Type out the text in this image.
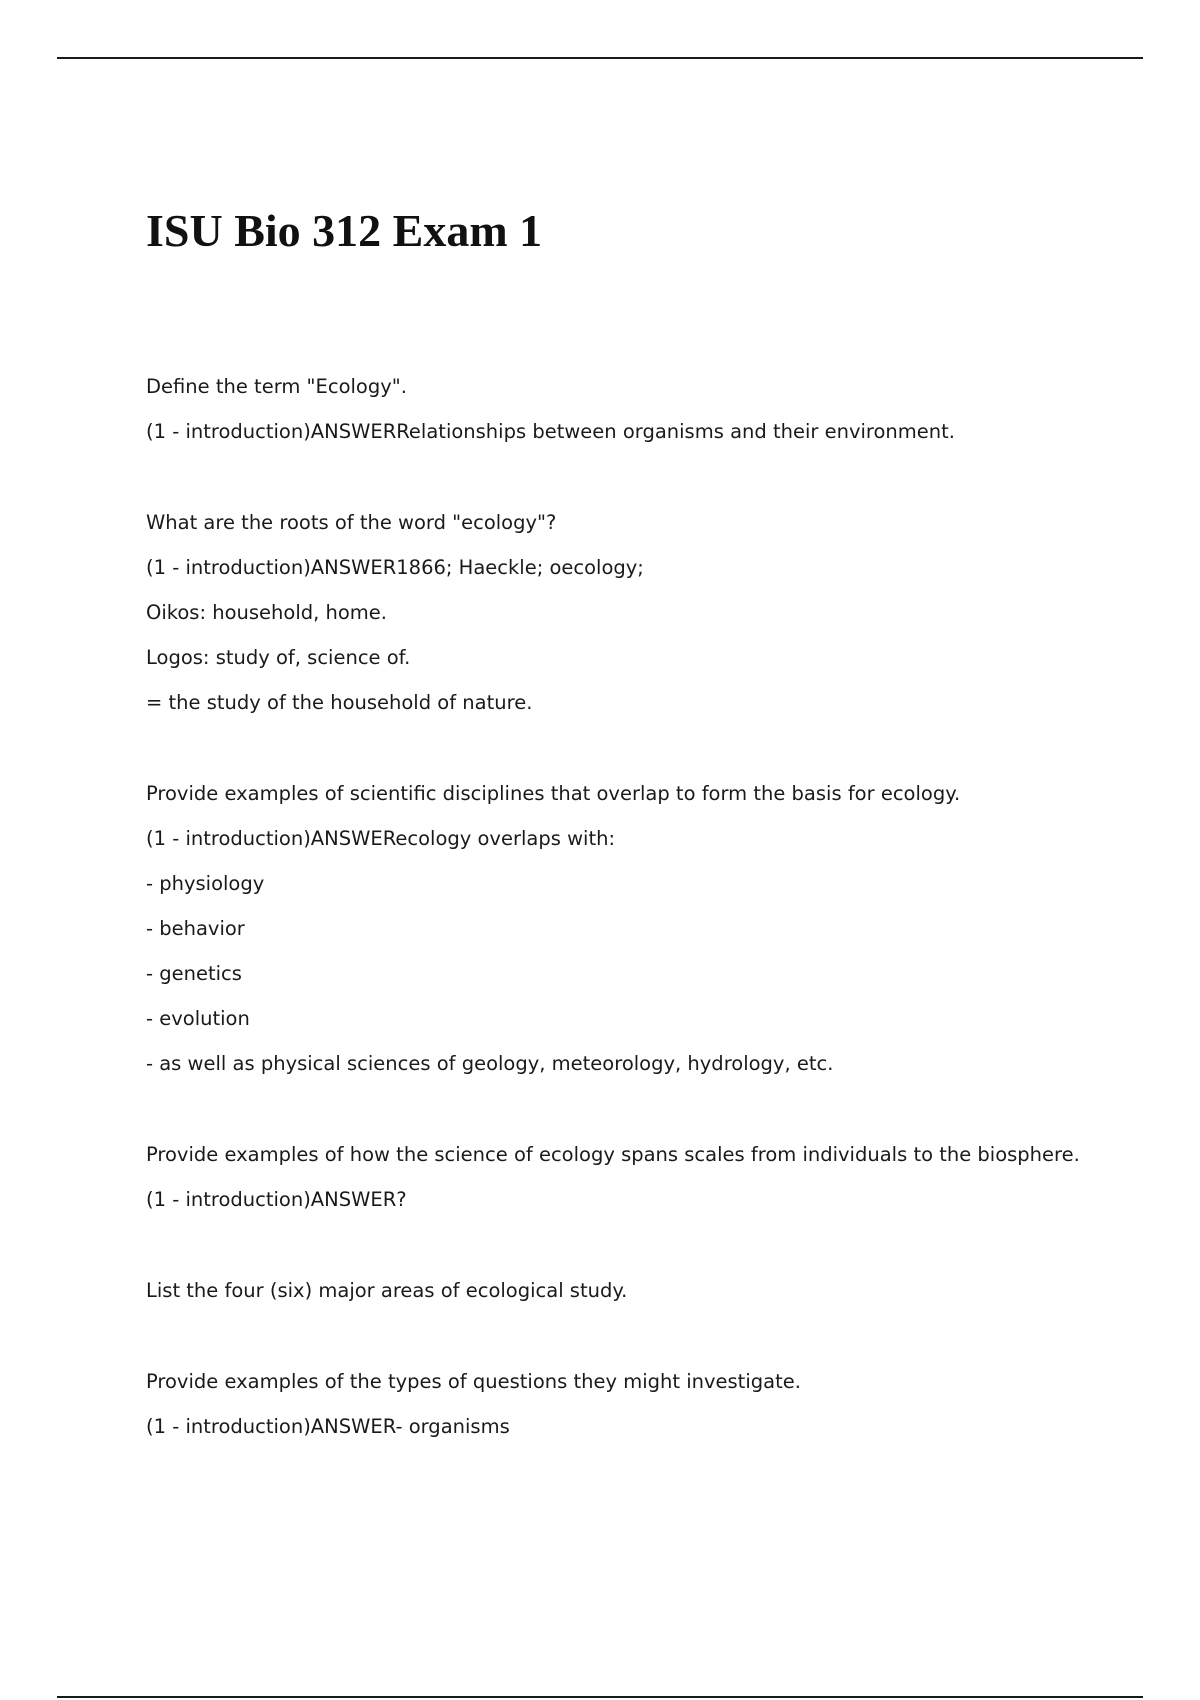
ISU Bio 312 Exam 1

Define the term "Ecology".

(1 - introduction)ANSWERRelationships between organisms and their environment.

What are the roots of the word "ecology"?

(1 - introduction)ANSWER1866; Haeckle; oecology;

Oikos: household, home.

Logos: study of, science of.

= the study of the household of nature.

Provide examples of scientific disciplines that overlap to form the basis for ecology.

(1 - introduction)ANSWERecology overlaps with:

- physiology

- behavior

- genetics

- evolution

- as well as physical sciences of geology, meteorology, hydrology, etc.

Provide examples of how the science of ecology spans scales from individuals to the biosphere.

(1 - introduction)ANSWER?

List the four (six) major areas of ecological study.

Provide examples of the types of questions they might investigate.

(1 - introduction)ANSWER- organisms
